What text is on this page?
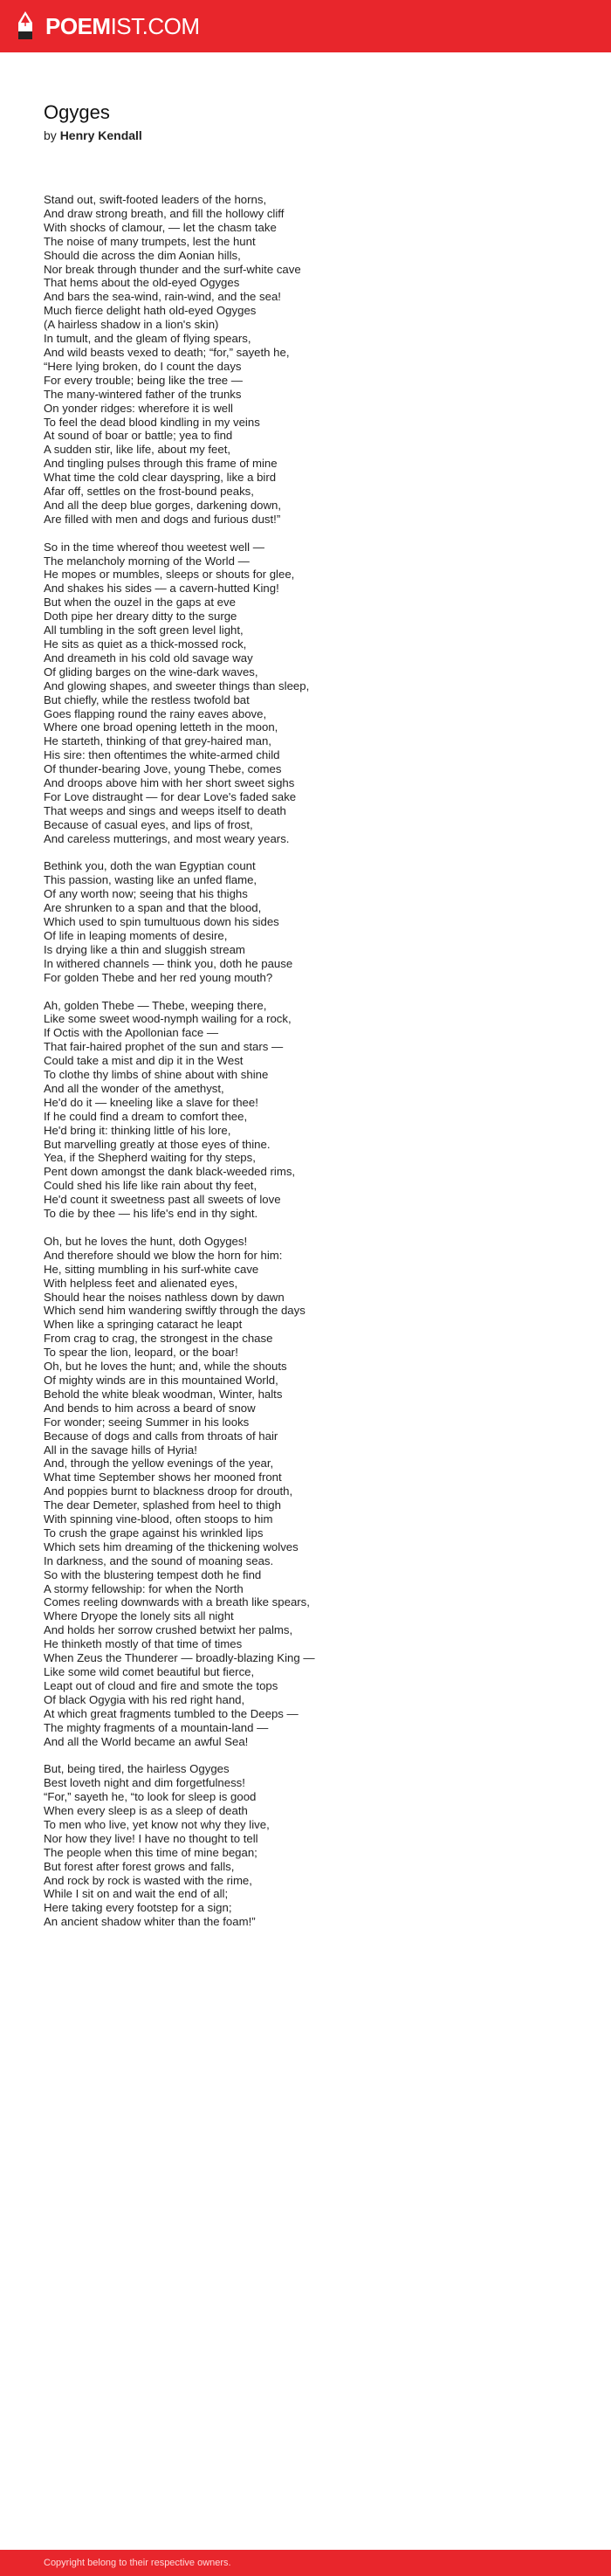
POEMIST.COM
Ogyges
by Henry Kendall
Stand out, swift-footed leaders of the horns,
And draw strong breath, and fill the hollowy cliff
With shocks of clamour, — let the chasm take
The noise of many trumpets, lest the hunt
Should die across the dim Aonian hills,
Nor break through thunder and the surf-white cave
That hems about the old-eyed Ogyges
And bars the sea-wind, rain-wind, and the sea!
Much fierce delight hath old-eyed Ogyges
(A hairless shadow in a lion's skin)
In tumult, and the gleam of flying spears,
And wild beasts vexed to death; “for,” sayeth he,
“Here lying broken, do I count the days
For every trouble; being like the tree —
The many-wintered father of the trunks
On yonder ridges: wherefore it is well
To feel the dead blood kindling in my veins
At sound of boar or battle; yea to find
A sudden stir, like life, about my feet,
And tingling pulses through this frame of mine
What time the cold clear dayspring, like a bird
Afar off, settles on the frost-bound peaks,
And all the deep blue gorges, darkening down,
Are filled with men and dogs and furious dust!”
So in the time whereof thou weetest well —
The melancholy morning of the World —
He mopes or mumbles, sleeps or shouts for glee,
And shakes his sides — a cavern-hutted King!
But when the ouzel in the gaps at eve
Doth pipe her dreary ditty to the surge
All tumbling in the soft green level light,
He sits as quiet as a thick-mossed rock,
And dreameth in his cold old savage way
Of gliding barges on the wine-dark waves,
And glowing shapes, and sweeter things than sleep,
But chiefly, while the restless twofold bat
Goes flapping round the rainy eaves above,
Where one broad opening letteth in the moon,
He starteth, thinking of that grey-haired man,
His sire: then oftentimes the white-armed child
Of thunder-bearing Jove, young Thebe, comes
And droops above him with her short sweet sighs
For Love distraught — for dear Love's faded sake
That weeps and sings and weeps itself to death
Because of casual eyes, and lips of frost,
And careless mutterings, and most weary years.
Bethink you, doth the wan Egyptian count
This passion, wasting like an unfed flame,
Of any worth now; seeing that his thighs
Are shrunken to a span and that the blood,
Which used to spin tumultuous down his sides
Of life in leaping moments of desire,
Is drying like a thin and sluggish stream
In withered channels — think you, doth he pause
For golden Thebe and her red young mouth?
Ah, golden Thebe — Thebe, weeping there,
Like some sweet wood-nymph wailing for a rock,
If Octis with the Apollonian face —
That fair-haired prophet of the sun and stars —
Could take a mist and dip it in the West
To clothe thy limbs of shine about with shine
And all the wonder of the amethyst,
He'd do it — kneeling like a slave for thee!
If he could find a dream to comfort thee,
He'd bring it: thinking little of his lore,
But marvelling greatly at those eyes of thine.
Yea, if the Shepherd waiting for thy steps,
Pent down amongst the dank black-weeded rims,
Could shed his life like rain about thy feet,
He'd count it sweetness past all sweets of love
To die by thee — his life's end in thy sight.
Oh, but he loves the hunt, doth Ogyges!
And therefore should we blow the horn for him:
He, sitting mumbling in his surf-white cave
With helpless feet and alienated eyes,
Should hear the noises nathless down by dawn
Which send him wandering swiftly through the days
When like a springing cataract he leapt
From crag to crag, the strongest in the chase
To spear the lion, leopard, or the boar!
Oh, but he loves the hunt; and, while the shouts
Of mighty winds are in this mountained World,
Behold the white bleak woodman, Winter, halts
And bends to him across a beard of snow
For wonder; seeing Summer in his looks
Because of dogs and calls from throats of hair
All in the savage hills of Hyria!
And, through the yellow evenings of the year,
What time September shows her mooned front
And poppies burnt to blackness droop for drouth,
The dear Demeter, splashed from heel to thigh
With spinning vine-blood, often stoops to him
To crush the grape against his wrinkled lips
Which sets him dreaming of the thickening wolves
In darkness, and the sound of moaning seas.
So with the blustering tempest doth he find
A stormy fellowship: for when the North
Comes reeling downwards with a breath like spears,
Where Dryope the lonely sits all night
And holds her sorrow crushed betwixt her palms,
He thinketh mostly of that time of times
When Zeus the Thunderer — broadly-blazing King —
Like some wild comet beautiful but fierce,
Leapt out of cloud and fire and smote the tops
Of black Ogygia with his red right hand,
At which great fragments tumbled to the Deeps —
The mighty fragments of a mountain-land —
And all the World became an awful Sea!
But, being tired, the hairless Ogyges
Best loveth night and dim forgetfulness!
“For,” sayeth he, “to look for sleep is good
When every sleep is as a sleep of death
To men who live, yet know not why they live,
Nor how they live! I have no thought to tell
The people when this time of mine began;
But forest after forest grows and falls,
And rock by rock is wasted with the rime,
While I sit on and wait the end of all;
Here taking every footstep for a sign;
An ancient shadow whiter than the foam!”
Copyright belong to their respective owners.
